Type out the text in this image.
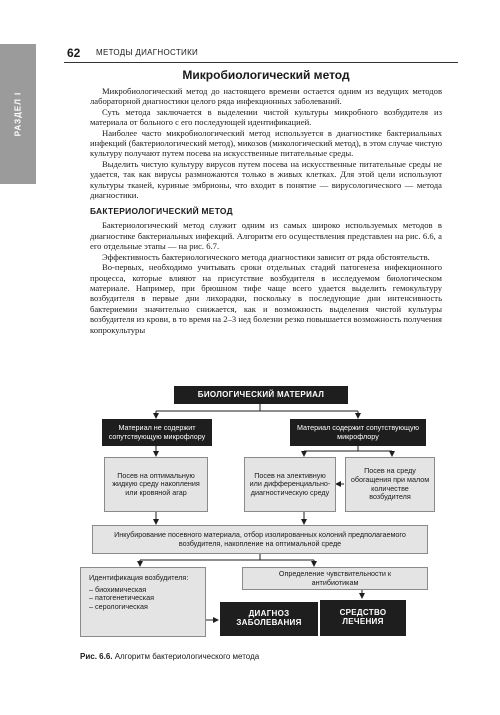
РАЗДЕЛ I
62 МЕТОДЫ ДИАГНОСТИКИ
Микробиологический метод

Микробиологический метод до настоящего времени остается одним из ведущих методов лабораторной диагностики целого ряда инфекционных заболеваний.

Суть метода заключается в выделении чистой культуры микробного возбудителя из материала от больного с его последующей идентификацией.

Наиболее часто микробиологический метод используется в диагностике бактериальных инфекций (бактериологический метод), микозов (микологический метод), в этом случае чистую культуру получают путем посева на искусственные питательные среды.

Выделить чистую культуру вирусов путем посева на искусственные питательные среды не удается, так как вирусы размножаются только в живых клетках. Для этой цели используют культуры тканей, куриные эмбрионы, что входит в понятие — вирусологического — метода диагностики.

БАКТЕРИОЛОГИЧЕСКИЙ МЕТОД

Бактериологический метод служит одним из самых широко используемых методов в диагностике бактериальных инфекций. Алгоритм его осуществления представлен на рис. 6.6, а его отдельные этапы — на рис. 6.7.

Эффективность бактериологического метода диагностики зависит от ряда обстоятельств.

Во-первых, необходимо учитывать сроки отдельных стадий патогенеза инфекционного процесса, которые влияют на присутствие возбудителя в исследуемом биологическом материале. Например, при брюшном тифе чаще всего удается выделить гемокультуру возбудителя в первые дни лихорадки, поскольку в последующие дни интенсивность бактериемии значительно снижается, как и возможность выделения чистой культуры возбудителя из крови, в то время на 2–3 нед болезни резко повышается возможность получения копрокультуры

БИОЛОГИЧЕСКИЙ МАТЕРИАЛ
Материал не содержит сопутствующую микрофлору
Материал содержит сопутствующую микрофлору
Посев на оптимальную жидкую среду накопления или кровяной агар
Посев на элективную или дифференциально-диагностическую среду
Посев на среду обогащения при малом количестве возбудителя
Инкубирование посевного материала, отбор изолированных колоний предполагаемого возбудителя, накопление на оптимальной среде
Идентификация возбудителя:
– биохимическая
– патогенетическая
– серологическая
Определение чувствительности к антибиотикам
ДИАГНОЗ ЗАБОЛЕВАНИЯ
СРЕДСТВО ЛЕЧЕНИЯ
Рис. 6.6. Алгоритм бактериологического метода
